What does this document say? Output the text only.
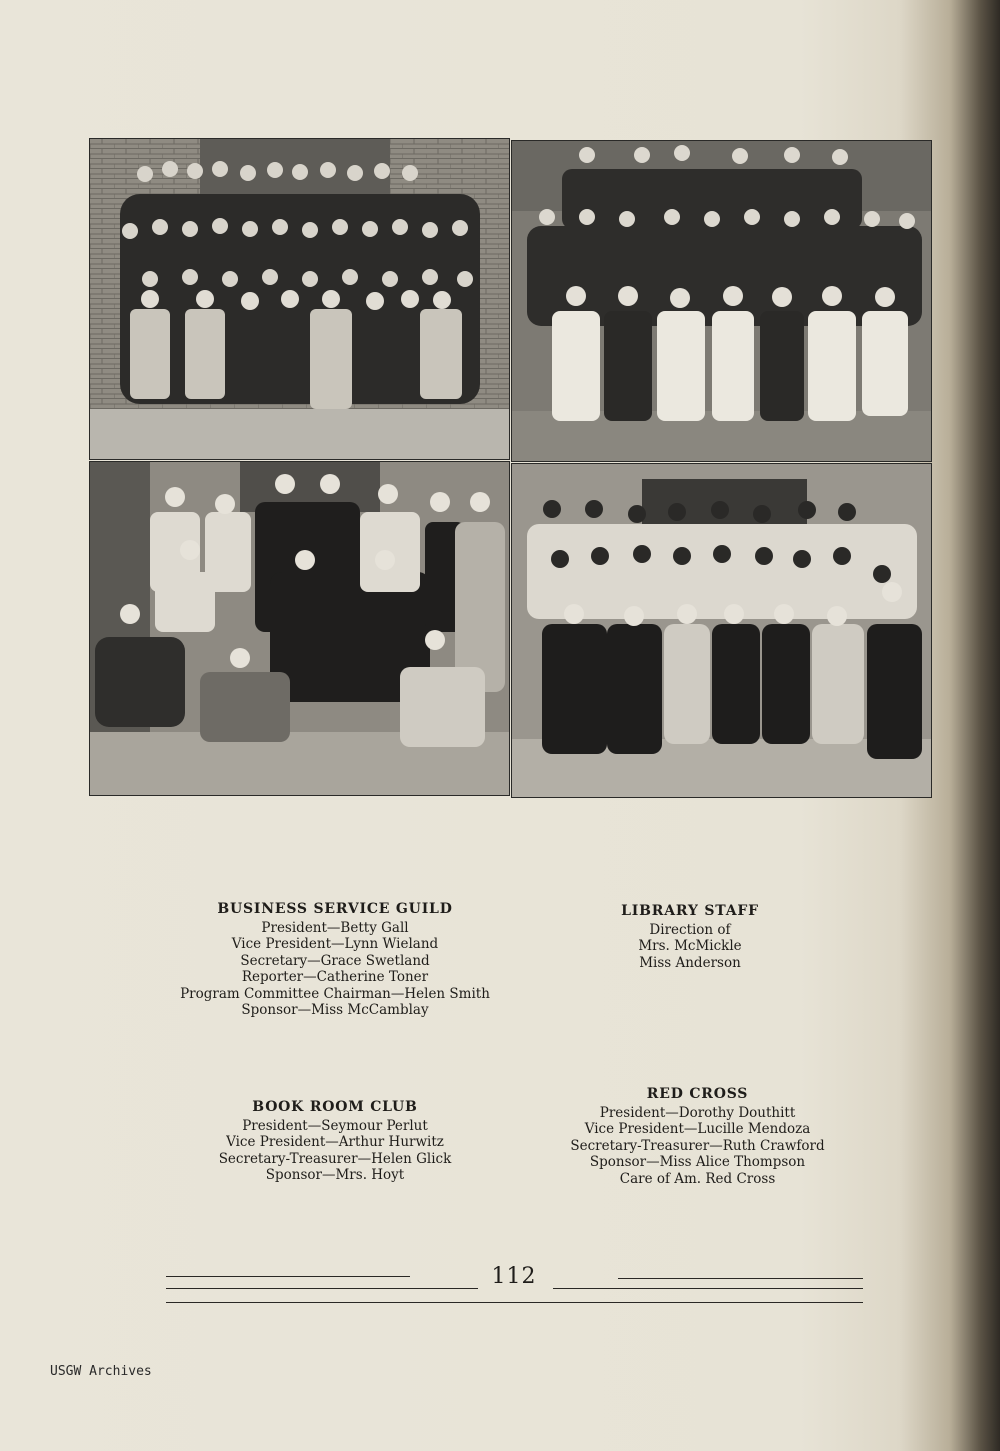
BUSINESS SERVICE GUILD
President—Betty Gall
Vice President—Lynn Wieland
Secretary—Grace Swetland
Reporter—Catherine Toner
Program Committee Chairman—Helen Smith
Sponsor—Miss McCamblay
LIBRARY STAFF
Direction of
Mrs. McMickle
Miss Anderson
BOOK ROOM CLUB
President—Seymour Perlut
Vice President—Arthur Hurwitz
Secretary-Treasurer—Helen Glick
Sponsor—Mrs. Hoyt
RED CROSS
President—Dorothy Douthitt
Vice President—Lucille Mendoza
Secretary-Treasurer—Ruth Crawford
Sponsor—Miss Alice Thompson
Care of Am. Red Cross
112
USGW Archives
